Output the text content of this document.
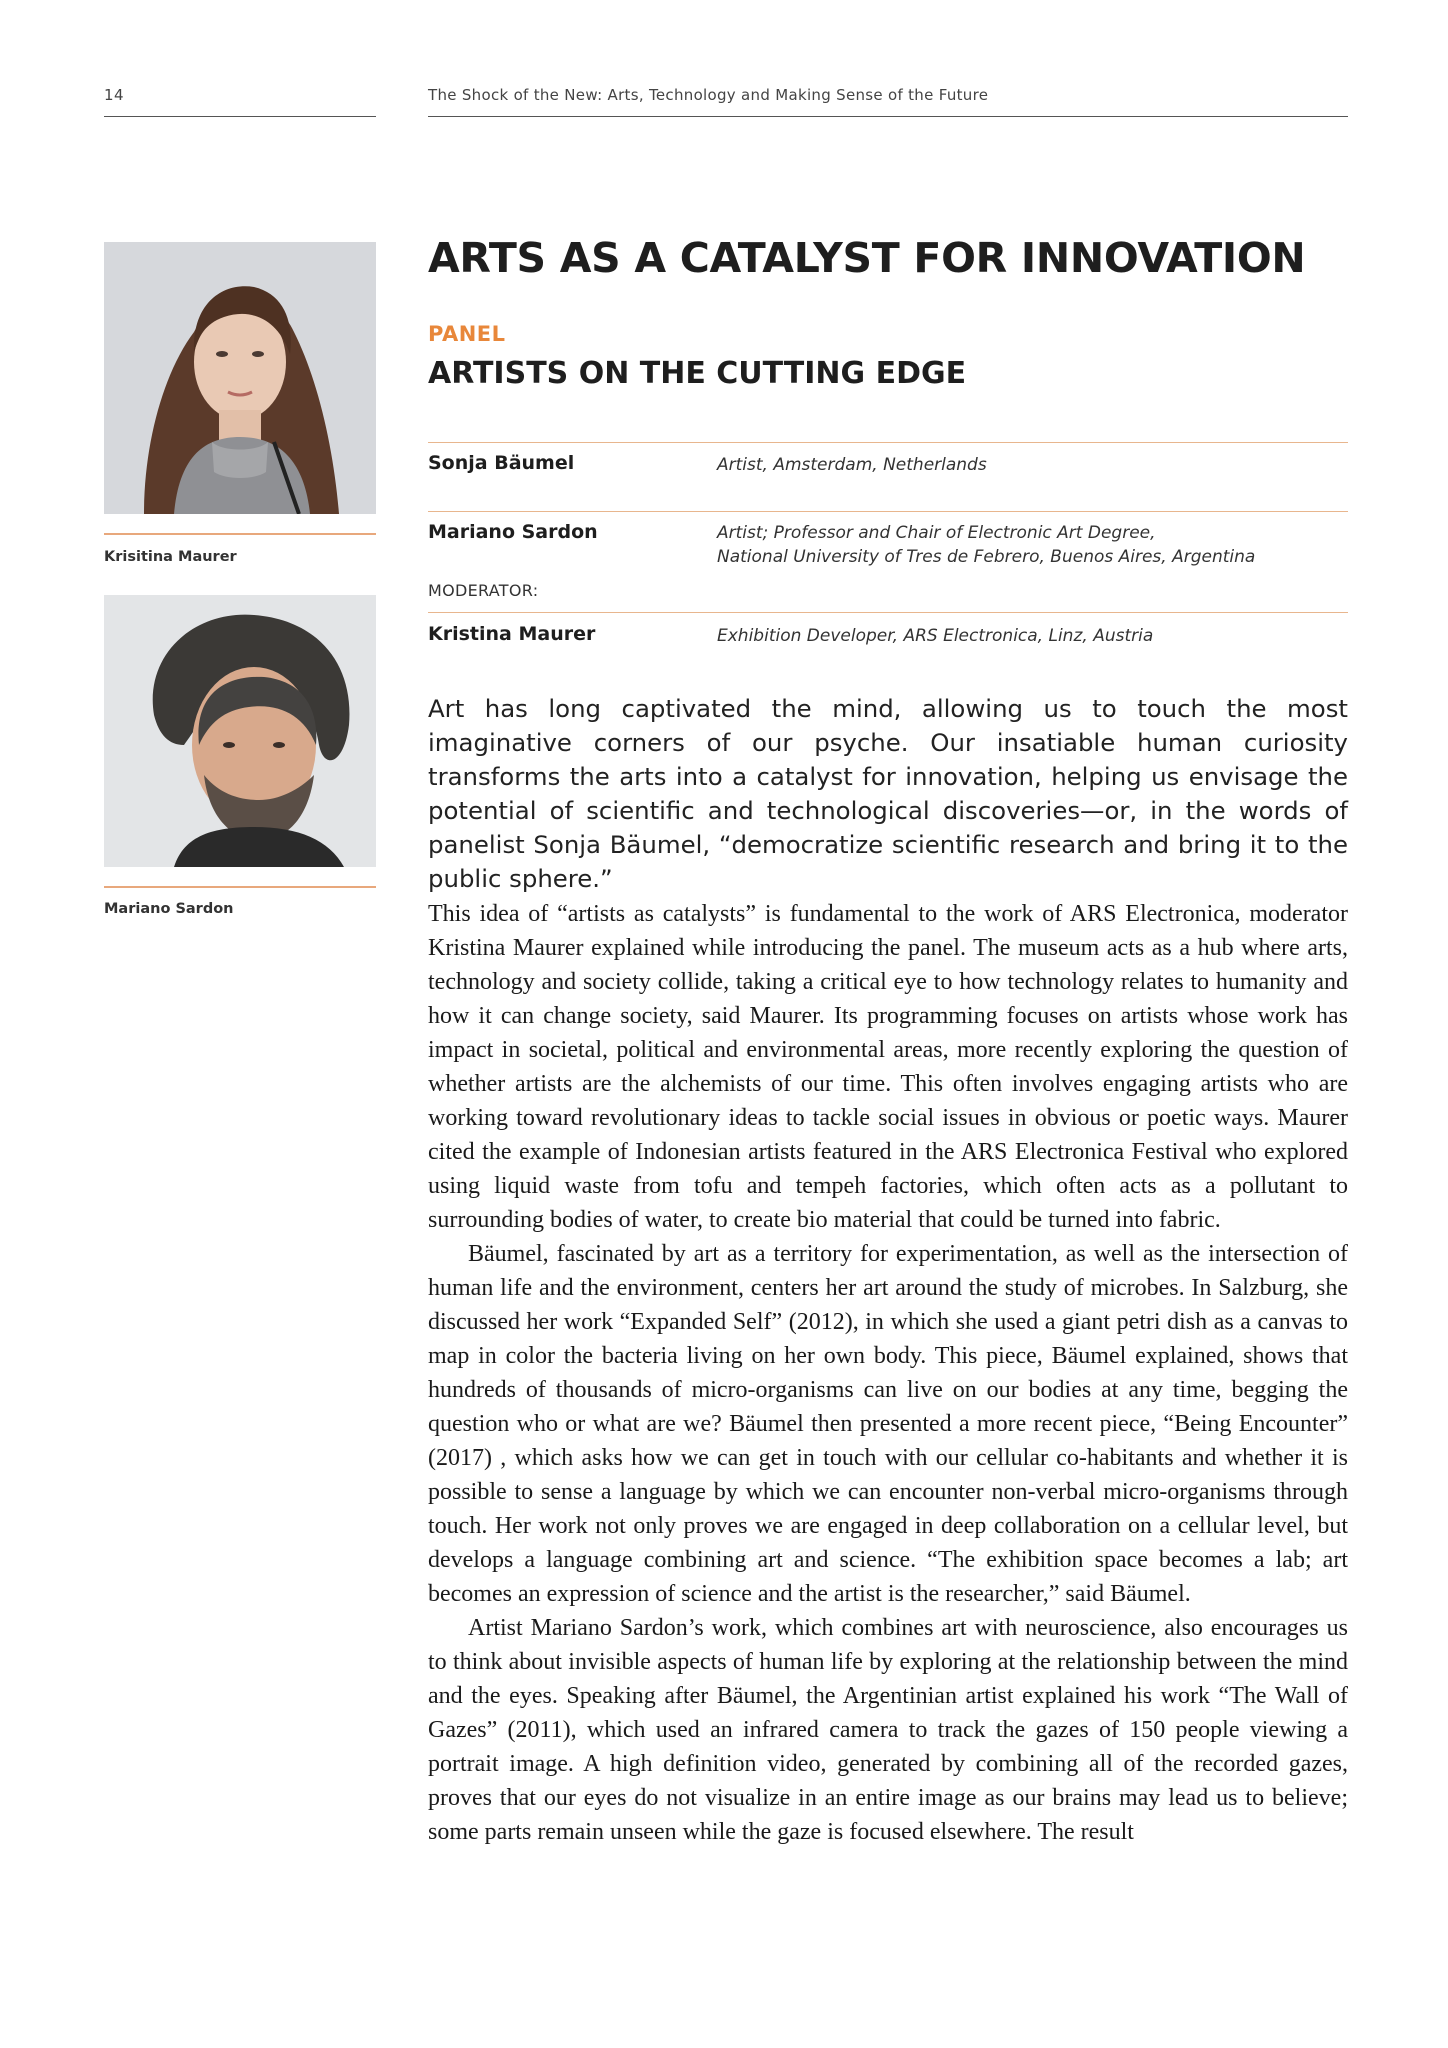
14	The Shock of the New: Arts, Technology and Making Sense of the Future
Krisitina Maurer
Mariano Sardon
ARTS AS A CATALYST FOR INNOVATION
PANEL
ARTISTS ON THE CUTTING EDGE
Sonja Bäumel	Artist, Amsterdam, Netherlands
Mariano Sardon	Artist; Professor and Chair of Electronic Art Degree,
National University of Tres de Febrero, Buenos Aires, Argentina
MODERATOR:
Kristina Maurer	Exhibition Developer, ARS Electronica, Linz, Austria
Art has long captivated the mind, allowing us to touch the most imaginative corners of our psyche. Our insatiable human curiosity transforms the arts into a catalyst for innovation, helping us envisage the potential of scientific and technological discoveries—or, in the words of panelist Sonja Bäumel, “democratize scientific research and bring it to the public sphere.”

This idea of “artists as catalysts” is fundamental to the work of ARS Electronica, moderator Kristina Maurer explained while introducing the panel. The museum acts as a hub where arts, technology and society collide, taking a critical eye to how technology relates to humanity and how it can change society, said Maurer. Its programming focuses on artists whose work has impact in societal, political and environmental areas, more recently exploring the question of whether artists are the alchemists of our time. This often involves engaging artists who are working toward revolutionary ideas to tackle social issues in obvious or poetic ways. Maurer cited the example of Indonesian artists featured in the ARS Electronica Festival who explored using liquid waste from tofu and tempeh factories, which often acts as a pollutant to surrounding bodies of water, to create bio material that could be turned into fabric.

Bäumel, fascinated by art as a territory for experimentation, as well as the intersection of human life and the environment, centers her art around the study of microbes. In Salzburg, she discussed her work “Expanded Self” (2012), in which she used a giant petri dish as a canvas to map in color the bacteria living on her own body. This piece, Bäumel explained, shows that hundreds of thousands of micro-organisms can live on our bodies at any time, begging the question who or what are we? Bäumel then presented a more recent piece, “Being Encounter” (2017) , which asks how we can get in touch with our cellular co-habitants and whether it is possible to sense a language by which we can encounter non-verbal micro-organisms through touch. Her work not only proves we are engaged in deep collaboration on a cellular level, but develops a language combining art and science. “The exhibition space becomes a lab; art becomes an expression of science and the artist is the researcher,” said Bäumel.

Artist Mariano Sardon’s work, which combines art with neuroscience, also encourages us to think about invisible aspects of human life by exploring at the relationship between the mind and the eyes. Speaking after Bäumel, the Argentinian artist explained his work “The Wall of Gazes” (2011), which used an infrared camera to track the gazes of 150 people viewing a portrait image. A high definition video, generated by combining all of the recorded gazes, proves that our eyes do not visualize in an entire image as our brains may lead us to believe; some parts remain unseen while the gaze is focused elsewhere. The result
